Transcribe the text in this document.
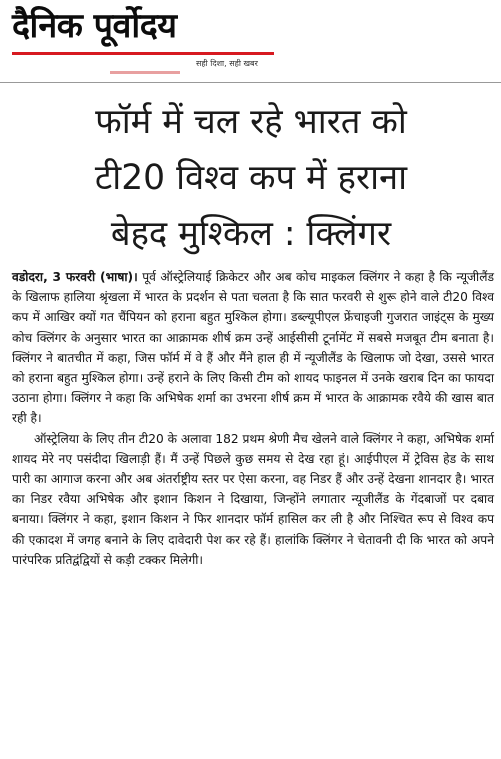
दैनिक पूर्वोदय
सही दिशा, सही खबर
फॉर्म में चल रहे भारत को
टी20 विश्व कप में हराना
बेहद मुश्किल : क्लिंगर

वडोदरा, 3 फरवरी (भाषा)। पूर्व ऑस्ट्रेलियाई क्रिकेटर और अब कोच माइकल क्लिंगर ने कहा है कि न्यूजीलैंड के खिलाफ हालिया श्रृंखला में भारत के प्रदर्शन से पता चलता है कि सात फरवरी से शुरू होने वाले टी20 विश्व कप में आखिर क्यों गत चैंपियन को हराना बहुत मुश्किल होगा। डब्ल्यूपीएल फ्रेंचाइजी गुजरात जाइंट्स के मुख्य कोच क्लिंगर के अनुसार भारत का आक्रामक शीर्ष क्रम उन्हें आईसीसी टूर्नामेंट में सबसे मजबूत टीम बनाता है। क्लिंगर ने बातचीत में कहा, जिस फॉर्म में वे हैं और मैंने हाल ही में न्यूजीलैंड के खिलाफ जो देखा, उससे भारत को हराना बहुत मुश्किल होगा। उन्हें हराने के लिए किसी टीम को शायद फाइनल में उनके खराब दिन का फायदा उठाना होगा। क्लिंगर ने कहा कि अभिषेक शर्मा का उभरना शीर्ष क्रम में भारत के आक्रामक रवैये की खास बात रही है।

ऑस्ट्रेलिया के लिए तीन टी20 के अलावा 182 प्रथम श्रेणी मैच खेलने वाले क्लिंगर ने कहा, अभिषेक शर्मा शायद मेरे नए पसंदीदा खिलाड़ी हैं। मैं उन्हें पिछले कुछ समय से देख रहा हूं। आईपीएल में ट्रेविस हेड के साथ पारी का आगाज करना और अब अंतर्राष्ट्रीय स्तर पर ऐसा करना, वह निडर हैं और उन्हें देखना शानदार है। भारत का निडर रवैया अभिषेक और इशान किशन ने दिखाया, जिन्होंने लगातार न्यूजीलैंड के गेंदबाजों पर दबाव बनाया। क्लिंगर ने कहा, इशान किशन ने फिर शानदार फॉर्म हासिल कर ली है और निश्चित रूप से विश्व कप की एकादश में जगह बनाने के लिए दावेदारी पेश कर रहे हैं। हालांकि क्लिंगर ने चेतावनी दी कि भारत को अपने पारंपरिक प्रतिद्वंद्वियों से कड़ी टक्कर मिलेगी।
